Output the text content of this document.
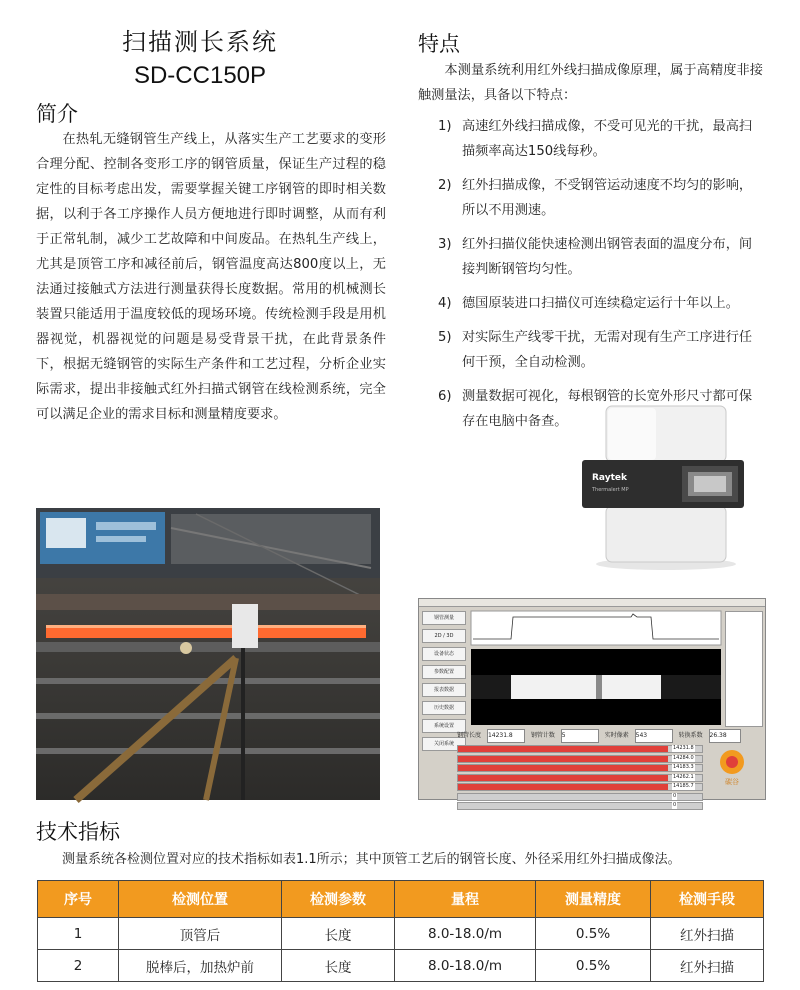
扫描测长系统
SD-CC150P
简介
在热轧无缝钢管生产线上，从落实生产工艺要求的变形合理分配、控制各变形工序的钢管质量，保证生产过程的稳定性的目标考虑出发，需要掌握关键工序钢管的即时相关数据，以利于各工序操作人员方便地进行即时调整，从而有利于正常轧制，减少工艺故障和中间废品。在热轧生产线上，尤其是顶管工序和减径前后，钢管温度高达800度以上，无法通过接触式方法进行测量获得长度数据。常用的机械测长装置只能适用于温度较低的现场环境。传统检测手段是用机器视觉，机器视觉的问题是易受背景干扰，在此背景条件下，根据无缝钢管的实际生产条件和工艺过程，分析企业实际需求，提出非接触式红外扫描式钢管在线检测系统，完全可以满足企业的需求目标和测量精度要求。
特点
本测量系统利用红外线扫描成像原理，属于高精度非接触测量法，具备以下特点：
1) 高速红外线扫描成像，不受可见光的干扰，最高扫描频率高达150线每秒。
2) 红外扫描成像，不受钢管运动速度不均匀的影响，所以不用测速。
3) 红外扫描仪能快速检测出钢管表面的温度分布，间接判断钢管均匀性。
4) 德国原装进口扫描仪可连续稳定运行十年以上。
5) 对实际生产线零干扰，无需对现有生产工序进行任何干预，全自动检测。
6) 测量数据可视化，每根钢管的长宽外形尺寸都可保存在电脑中备查。
Raytek
Thermalert MP
钢管测量
2D / 3D
设备状态
参数配置
报表数据
历史数据
系统设置
关闭系统
钢管长度 14231.8	钢管计数 5	实时像素 543	转换系数 26.38
14231.8
14284.0
14183.3
14262.1
14185.7
0
0
碳谷
技术指标
测量系统各检测位置对应的技术指标如表1.1所示；其中顶管工艺后的钢管长度、外径采用红外扫描成像法。
序号	检测位置	检测参数	量程	测量精度	检测手段
1	顶管后	长度	8.0-18.0/m	0.5%	红外扫描
2	脱棒后，加热炉前	长度	8.0-18.0/m	0.5%	红外扫描
